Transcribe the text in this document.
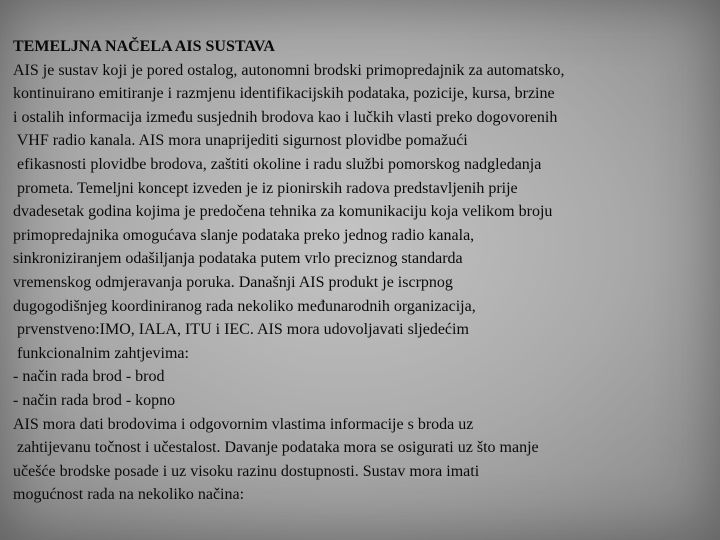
TEMELJNA NAČELA AIS SUSTAVA
AIS je sustav koji je pored ostalog, autonomni brodski primopredajnik za automatsko,
kontinuirano emitiranje i razmjenu identifikacijskih podataka, pozicije, kursa, brzine
i ostalih informacija između susjednih brodova kao i lučkih vlasti preko dogovorenih
VHF radio kanala. AIS mora unaprijediti sigurnost plovidbe pomažući
efikasnosti plovidbe brodova, zaštiti okoline i radu službi pomorskog nadgledanja
prometa. Temeljni koncept izveden je iz pionirskih radova predstavljenih prije
dvadesetak godina kojima je predočena tehnika za komunikaciju koja velikom broju
primopredajnika omogućava slanje podataka preko jednog radio kanala,
sinkroniziranjem odašiljanja podataka putem vrlo preciznog standarda
vremenskog odmjeravanja poruka. Današnji AIS produkt je iscrpnog
dugogodišnjeg koordiniranog rada nekoliko međunarodnih organizacija,
prvenstveno:IMO, IALA, ITU i IEC. AIS mora udovoljavati sljedećim
funkcionalnim zahtjevima:
- način rada brod - brod
- način rada brod - kopno
AIS mora dati brodovima i odgovornim vlastima informacije s broda uz
zahtijevanu točnost i učestalost. Davanje podataka mora se osigurati uz što manje
učešće brodske posade i uz visoku razinu dostupnosti. Sustav mora imati
mogućnost rada na nekoliko načina:
